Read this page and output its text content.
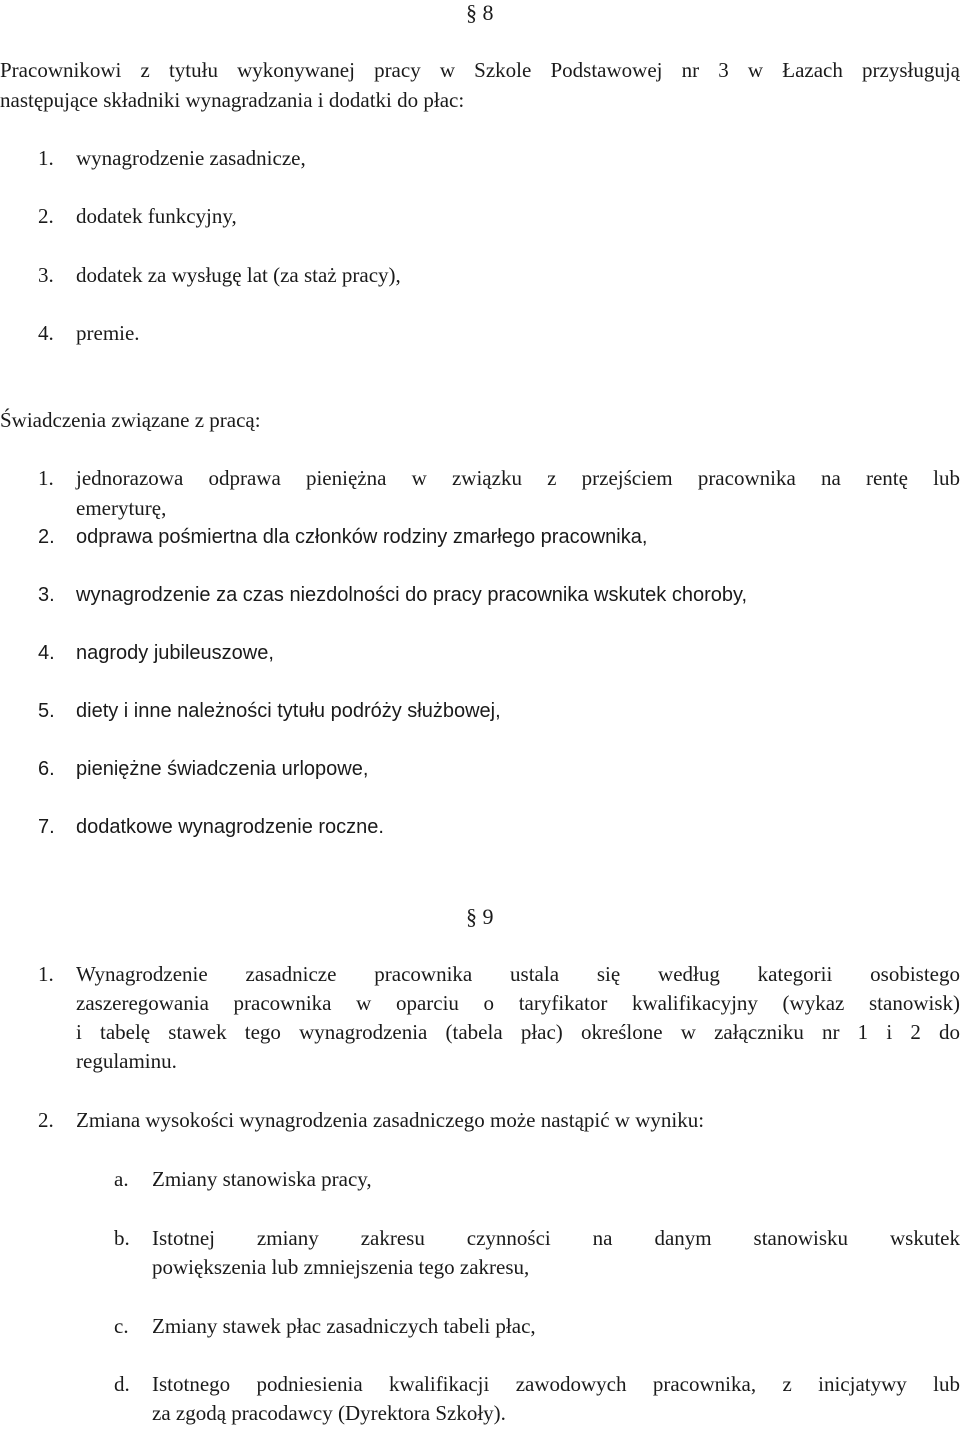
§ 8
Pracownikowi z tytułu wykonywanej pracy w Szkole Podstawowej nr 3 w Łazach przysługują
następujące składniki wynagradzania i dodatki do płac:
1. wynagrodzenie zasadnicze,
2. dodatek funkcyjny,
3. dodatek za wysługę lat (za staż pracy),
4. premie.
Świadczenia związane z pracą:
1. jednorazowa odprawa pieniężna w związku z przejściem pracownika na rentę lub
emeryturę,
2. odprawa pośmiertna dla członków rodziny zmarłego pracownika,
3. wynagrodzenie za czas niezdolności do pracy pracownika wskutek choroby,
4. nagrody jubileuszowe,
5. diety i inne należności tytułu podróży służbowej,
6. pieniężne świadczenia urlopowe,
7. dodatkowe wynagrodzenie roczne.
§ 9
1. Wynagrodzenie zasadnicze pracownika ustala się według kategorii osobistego
zaszeregowania pracownika w oparciu o taryfikator kwalifikacyjny (wykaz stanowisk)
i tabelę stawek tego wynagrodzenia (tabela płac) określone w załączniku nr 1 i 2 do
regulaminu.
2. Zmiana wysokości wynagrodzenia zasadniczego może nastąpić w wyniku:
a. Zmiany stanowiska pracy,
b. Istotnej zmiany zakresu czynności na danym stanowisku wskutek
powiększenia lub zmniejszenia tego zakresu,
c. Zmiany stawek płac zasadniczych tabeli płac,
d. Istotnego podniesienia kwalifikacji zawodowych pracownika, z inicjatywy lub
za zgodą pracodawcy (Dyrektora Szkoły).
